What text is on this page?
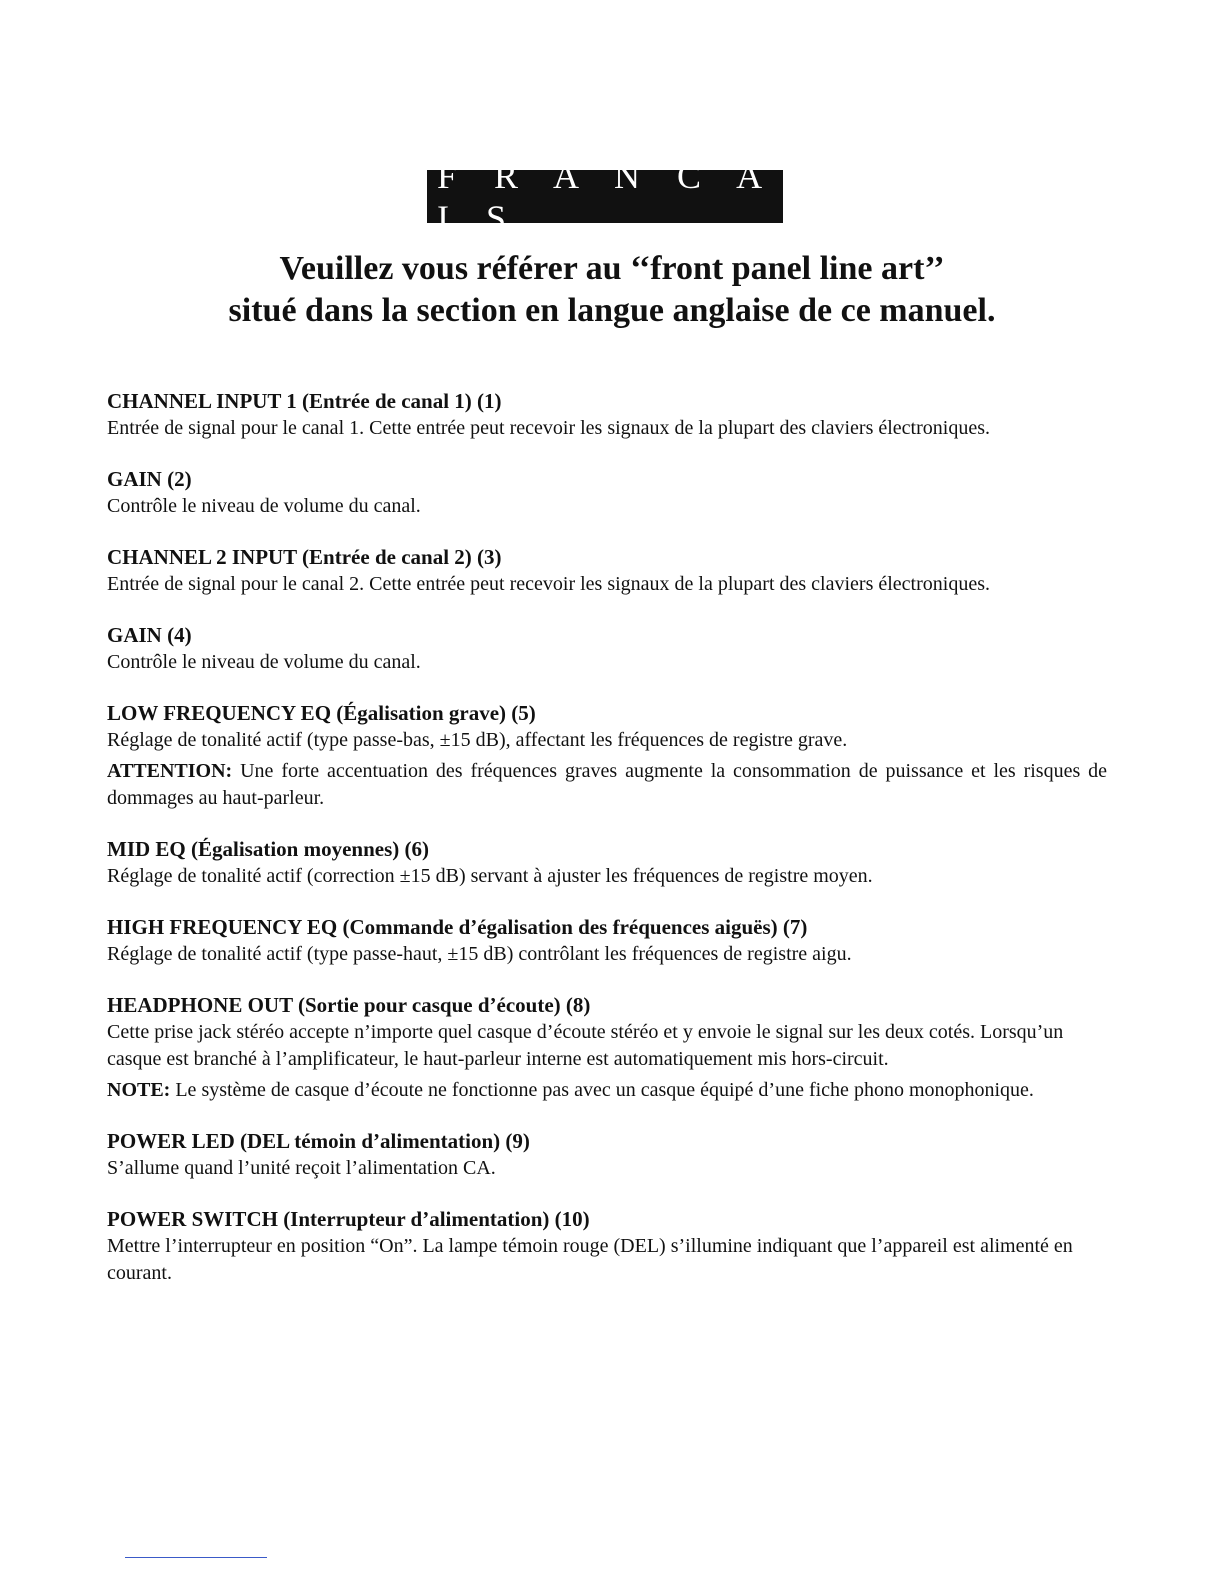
F R A N C A I S
Veuillez vous référer au ‘‘front panel line art’’
situé dans la section en langue anglaise de ce manuel.
CHANNEL INPUT 1 (Entrée de canal 1) (1)

Entrée de signal pour le canal 1. Cette entrée peut recevoir les signaux de la plupart des claviers électroniques.

GAIN (2)

Contrôle le niveau de volume du canal.

CHANNEL 2 INPUT (Entrée de canal 2) (3)

Entrée de signal pour le canal 2. Cette entrée peut recevoir les signaux de la plupart des claviers électroniques.

GAIN (4)

Contrôle le niveau de volume du canal.

LOW FREQUENCY EQ (Égalisation grave) (5)

Réglage de tonalité actif (type passe-bas, ±15 dB), affectant les fréquences de registre grave.

ATTENTION: Une forte accentuation des fréquences graves augmente la consommation de puissance et les risques de dommages au haut-parleur.

MID EQ (Égalisation moyennes) (6)

Réglage de tonalité actif (correction ±15 dB) servant à ajuster les fréquences de registre moyen.

HIGH FREQUENCY EQ (Commande d’égalisation des fréquences aiguës) (7)

Réglage de tonalité actif (type passe-haut, ±15 dB) contrôlant les fréquences de registre aigu.

HEADPHONE OUT (Sortie pour casque d’écoute) (8)

Cette prise jack stéréo accepte n’importe quel casque d’écoute stéréo et y envoie le signal sur les deux cotés. Lorsqu’un casque est branché à l’amplificateur, le haut-parleur interne est automatiquement mis hors-circuit.

NOTE: Le système de casque d’écoute ne fonctionne pas avec un casque équipé d’une fiche phono monophonique.

POWER LED (DEL témoin d’alimentation) (9)

S’allume quand l’unité reçoit l’alimentation CA.

POWER SWITCH (Interrupteur d’alimentation) (10)

Mettre l’interrupteur en position “On”. La lampe témoin rouge (DEL) s’illumine indiquant que l’appareil est alimenté en courant.
